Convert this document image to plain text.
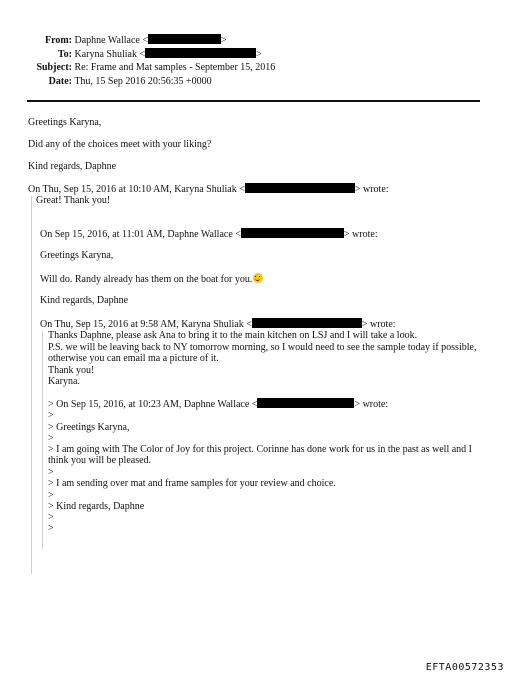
From: Daphne Wallace <	>
To: Karyna Shuliak <	>
Subject: Re: Frame and Mat samples - September 15, 2016
Date: Thu, 15 Sep 2016 20:56:35 +0000
Greetings Karyna,
Did any of the choices meet with your liking?
Kind regards, Daphne
On Thu, Sep 15, 2016 at 10:10 AM, Karyna Shuliak <	> wrote:
Great! Thank you!
On Sep 15, 2016, at 11:01 AM, Daphne Wallace <	> wrote:
Greetings Karyna,
Will do. Randy already has them on the boat for you.
Kind regards, Daphne
On Thu, Sep 15, 2016 at 9:58 AM, Karyna Shuliak <	> wrote:
Thanks Daphne, please ask Ana to bring it to the main kitchen on LSJ and I will take a look.
P.S. we will be leaving back to NY tomorrow morning, so I would need to see the sample today if possible,
otherwise you can email ma a picture of it.
Thank you!
Karyna.
> On Sep 15, 2016, at 10:23 AM, Daphne Wallace <	> wrote:
>
> Greetings Karyna,
>
> I am going with The Color of Joy for this project. Corinne has done work for us in the past as well and I
think you will be pleased.
>
> I am sending over mat and frame samples for your review and choice.
>
> Kind regards, Daphne
>
>
EFTA00572353
